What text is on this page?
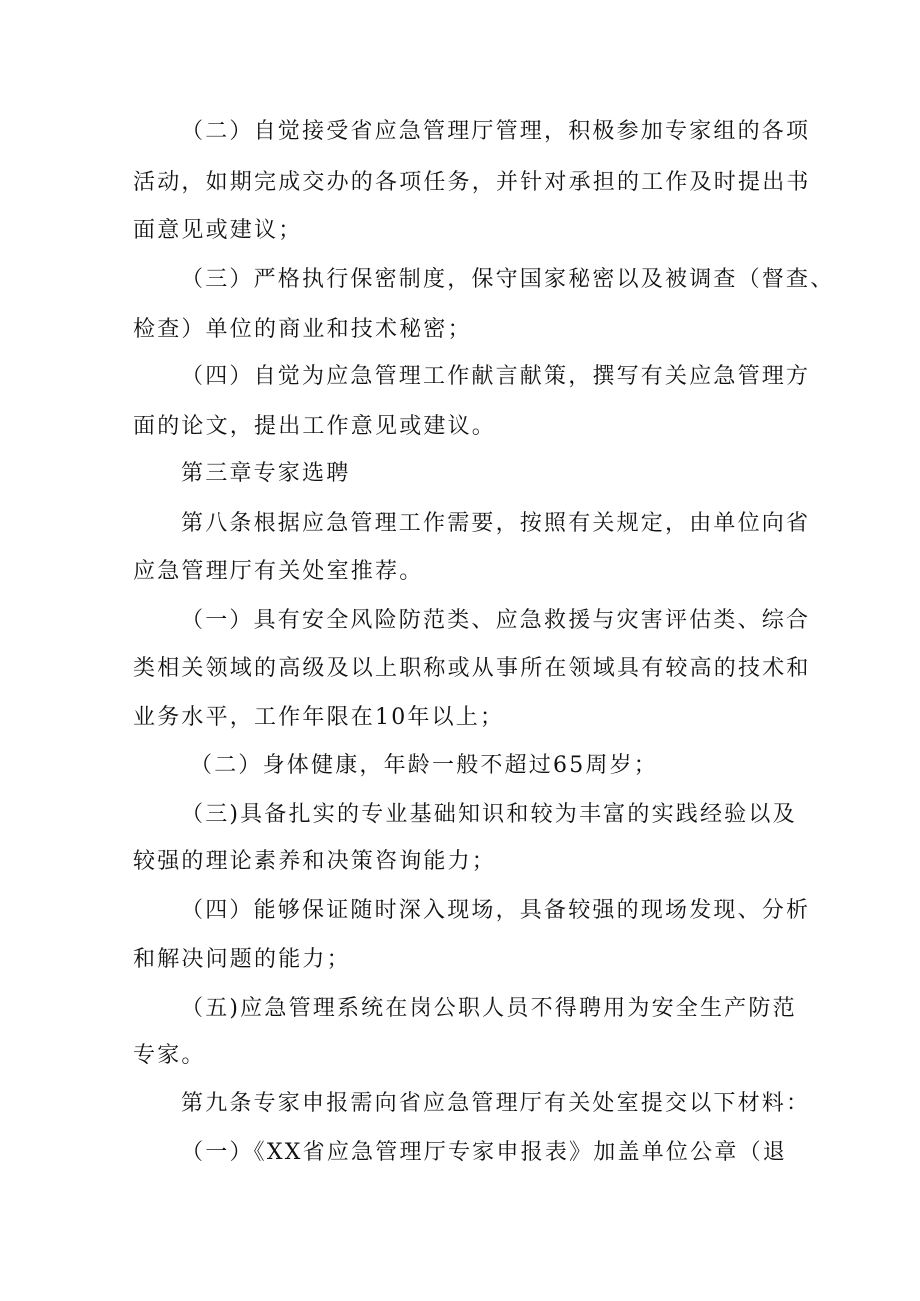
（二）自觉接受省应急管理厅管理，积极参加专家组的各项
活动，如期完成交办的各项任务，并针对承担的工作及时提出书
面意见或建议；
（三）严格执行保密制度，保守国家秘密以及被调查（督查、
检查）单位的商业和技术秘密；
（四）自觉为应急管理工作献言献策，撰写有关应急管理方
面的论文，提出工作意见或建议。
第三章专家选聘
第八条根据应急管理工作需要，按照有关规定，由单位向省
应急管理厅有关处室推荐。
（一）具有安全风险防范类、应急救援与灾害评估类、综合
类相关领域的高级及以上职称或从事所在领域具有较高的技术和
业务水平，工作年限在10年以上；
（二）身体健康，年龄一般不超过65周岁；
（三)具备扎实的专业基础知识和较为丰富的实践经验以及
较强的理论素养和决策咨询能力；
（四）能够保证随时深入现场，具备较强的现场发现、分析
和解决问题的能力；
（五)应急管理系统在岗公职人员不得聘用为安全生产防范
专家。
第九条专家申报需向省应急管理厅有关处室提交以下材料：
（一）《XX省应急管理厅专家申报表》加盖单位公章（退
